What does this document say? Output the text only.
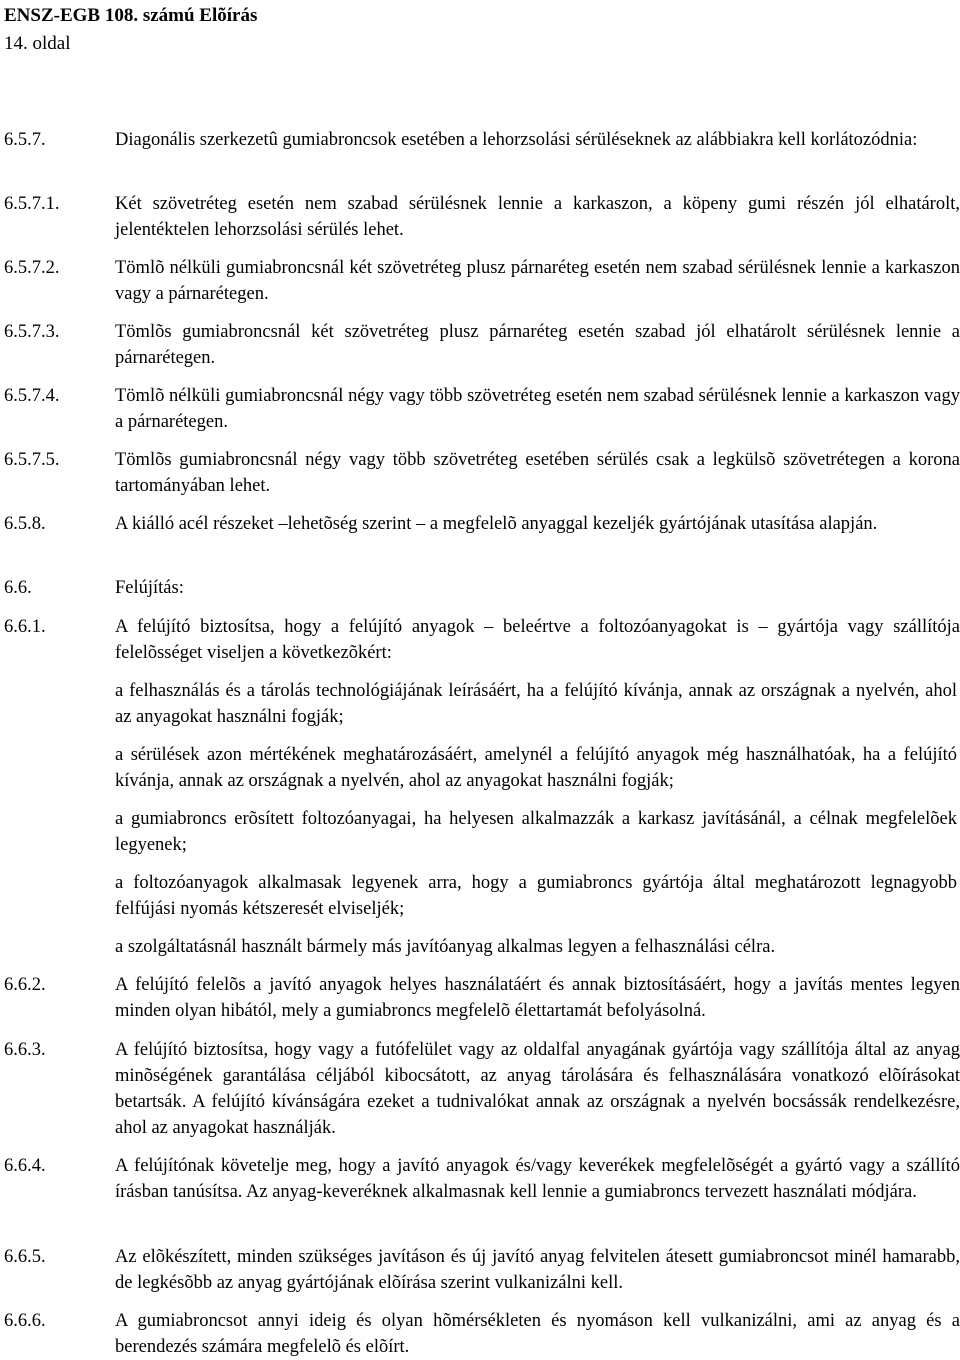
ENSZ-EGB 108. számú Elõírás
14. oldal
6.5.7.	Diagonális szerkezetû gumiabroncsok esetében a lehorzsolási sérüléseknek az alábbiakra kell korlátozódnia:

6.5.7.1.	Két szövetréteg esetén nem szabad sérülésnek lennie a karkaszon, a köpeny gumi részén jól elhatárolt, jelentéktelen lehorzsolási sérülés lehet.

6.5.7.2.	Tömlõ nélküli gumiabroncsnál két szövetréteg plusz párnaréteg esetén nem szabad sérülésnek lennie a karkaszon vagy a párnarétegen.

6.5.7.3.	Tömlõs gumiabroncsnál két szövetréteg plusz párnaréteg esetén szabad jól elhatárolt sérülésnek lennie a párnarétegen.

6.5.7.4.	Tömlõ nélküli gumiabroncsnál négy vagy több szövetréteg esetén nem szabad sérülésnek lennie a karkaszon vagy a párnarétegen.

6.5.7.5.	Tömlõs gumiabroncsnál négy vagy több szövetréteg esetében sérülés csak a legkülsõ szövetrétegen a korona tartományában lehet.

6.5.8.	A kiálló acél részeket –lehetõség szerint – a megfelelõ anyaggal kezeljék gyártójának utasítása alapján.

6.6.	Felújítás:

6.6.1.	A felújító biztosítsa, hogy a felújító anyagok – beleértve a foltozóanyagokat is – gyártója vagy szállítója felelõsséget viseljen a következõkért:

a felhasználás és a tárolás technológiájának leírásáért, ha a felújító kívánja, annak az országnak a nyelvén, ahol az anyagokat használni fogják;

a sérülések azon mértékének meghatározásáért, amelynél a felújító anyagok még használhatóak, ha a felújító kívánja, annak az országnak a nyelvén, ahol az anyagokat használni fogják;

a gumiabroncs erõsített foltozóanyagai, ha helyesen alkalmazzák a karkasz javításánál, a célnak megfelelõek legyenek;

a foltozóanyagok alkalmasak legyenek arra, hogy a gumiabroncs gyártója által meghatározott legnagyobb felfújási nyomás kétszeresét elviseljék;

a szolgáltatásnál használt bármely más javítóanyag alkalmas legyen a felhasználási célra.

6.6.2.	A felújító felelõs a javító anyagok helyes használatáért és annak biztosításáért, hogy a javítás mentes legyen minden olyan hibától, mely a gumiabroncs megfelelõ élettartamát befolyásolná.

6.6.3.	A felújító biztosítsa, hogy vagy a futófelület vagy az oldalfal anyagának gyártója vagy szállítója által az anyag minõségének garantálása céljából kibocsátott, az anyag tárolására és felhasználására vonatkozó elõírásokat betartsák. A felújító kívánságára ezeket a tudnivalókat annak az országnak a nyelvén bocsássák rendelkezésre, ahol az anyagokat használják.

6.6.4.	A felújítónak követelje meg, hogy a javító anyagok és/vagy keverékek megfelelõségét a gyártó vagy a szállító írásban tanúsítsa. Az anyag-keveréknek alkalmasnak kell lennie a gumiabroncs tervezett használati módjára.

6.6.5.	Az elõkészített, minden szükséges javításon és új javító anyag felvitelen átesett gumiabroncsot minél hamarabb, de legkésõbb az anyag gyártójának elõírása szerint vulkanizálni kell.

6.6.6.	A gumiabroncsot annyi ideig és olyan hõmérsékleten és nyomáson kell vulkanizálni, ami az anyag és a berendezés számára megfelelõ és elõírt.
